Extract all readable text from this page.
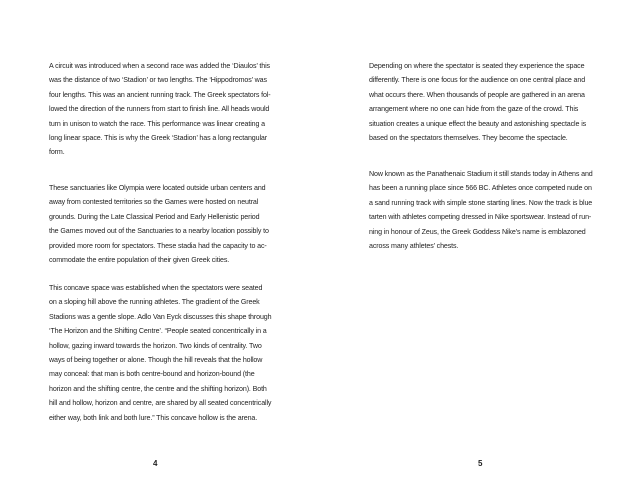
A circuit was introduced when a second race was added the ‘Diaulos’ this
was the distance of two ‘Stadion’ or two lengths. The ‘Hippodromos’ was
four lengths. This was an ancient running track. The Greek spectators fol-
lowed the direction of the runners from start to finish line. All heads would
turn in unison to watch the race. This performance was linear creating a
long linear space. This is why the Greek ‘Stadion’ has a long rectangular
form.

These sanctuaries like Olympia were located outside urban centers and
away from contested territories so the Games were hosted on neutral
grounds. During the Late Classical Period and Early Hellenistic period
the Games moved out of the Sanctuaries to a nearby location possibly to
provided more room for spectators. These stadia had the capacity to ac-
commodate the entire population of their given Greek cities.

This concave space was established when the spectators were seated
on a sloping hill above the running athletes. The gradient of the Greek
Stadions was a gentle slope. Adlo Van Eyck discusses this shape through
‘The Horizon and the Shifting Centre’. “People seated concentrically in a
hollow, gazing inward towards the horizon. Two kinds of centrality. Two
ways of being together or alone. Though the hill reveals that the hollow
may conceal: that man is both centre-bound and horizon-bound (the
horizon and the shifting centre, the centre and the shifting horizon). Both
hill and hollow, horizon and centre, are shared by all seated concentrically
either way, both link and both lure.” This concave hollow is the arena.

4

Depending on where the spectator is seated they experience the space
differently. There is one focus for the audience on one central place and
what occurs there. When thousands of people are gathered in an arena
arrangement where no one can hide from the gaze of the crowd. This
situation creates a unique effect the beauty and astonishing spectacle is
based on the spectators themselves. They become the spectacle.

Now known as the Panathenaic Stadium it still stands today in Athens and
has been a running place since 566 BC. Athletes once competed nude on
a sand running track with simple stone starting lines. Now the track is blue
tarten with athletes competing dressed in Nike sportswear. Instead of run-
ning in honour of Zeus, the Greek Goddess Nike’s name is emblazoned
across many athletes’ chests.

5
